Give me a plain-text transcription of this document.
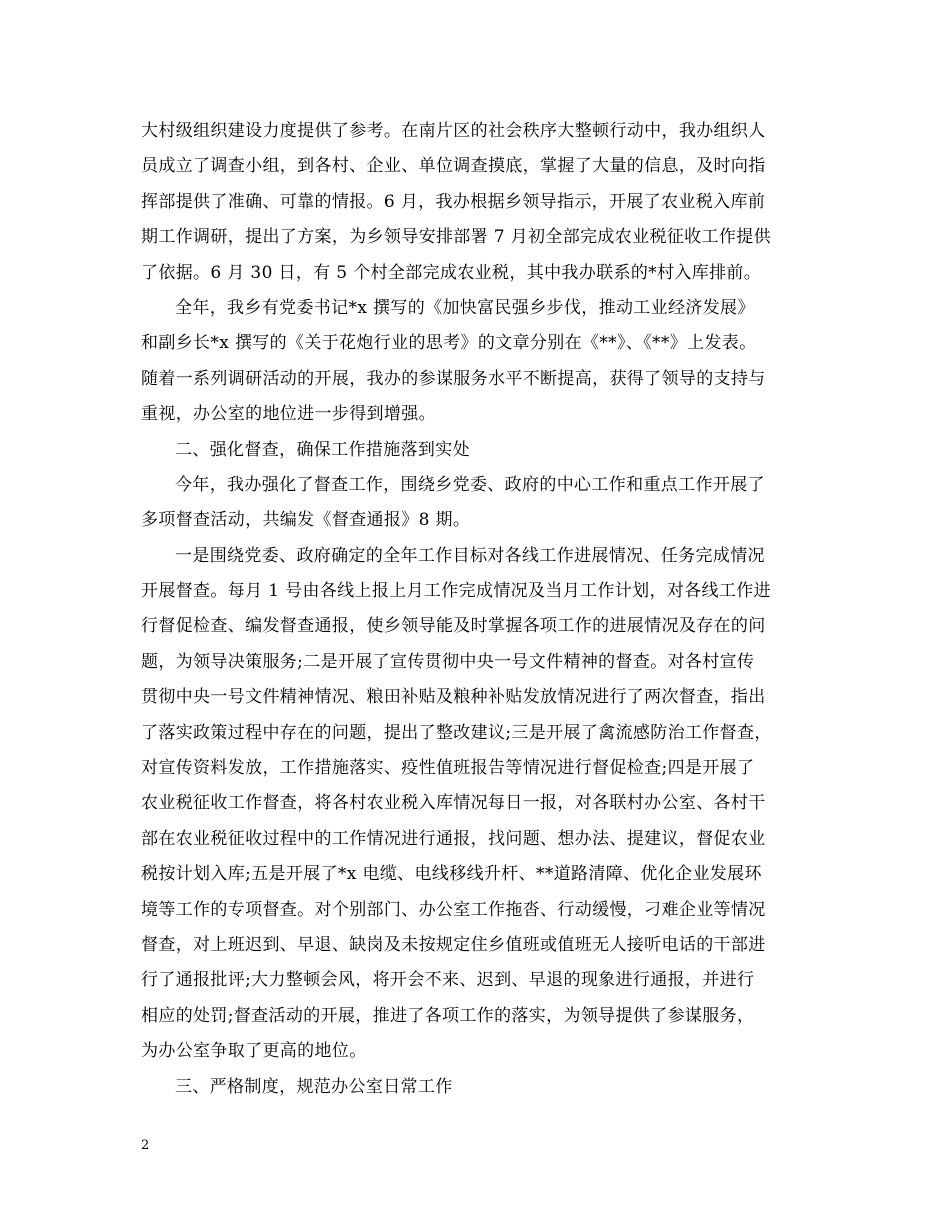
大村级组织建设力度提供了参考。在南片区的社会秩序大整顿行动中，我办组织人
员成立了调查小组，到各村、企业、单位调查摸底，掌握了大量的信息，及时向指
挥部提供了准确、可靠的情报。6 月，我办根据乡领导指示，开展了农业税入库前
期工作调研，提出了方案，为乡领导安排部署 7 月初全部完成农业税征收工作提供
了依据。6 月 30 日，有 5 个村全部完成农业税，其中我办联系的*村入库排前。
全年，我乡有党委书记*x 撰写的《加快富民强乡步伐，推动工业经济发展》
和副乡长*x 撰写的《关于花炮行业的思考》的文章分别在《**》、《**》上发表。
随着一系列调研活动的开展，我办的参谋服务水平不断提高，获得了领导的支持与
重视，办公室的地位进一步得到增强。
二、强化督查，确保工作措施落到实处
今年，我办强化了督查工作，围绕乡党委、政府的中心工作和重点工作开展了
多项督查活动，共编发《督查通报》8 期。
一是围绕党委、政府确定的全年工作目标对各线工作进展情况、任务完成情况
开展督查。每月 1 号由各线上报上月工作完成情况及当月工作计划，对各线工作进
行督促检查、编发督查通报，使乡领导能及时掌握各项工作的进展情况及存在的问
题，为领导决策服务;二是开展了宣传贯彻中央一号文件精神的督查。对各村宣传
贯彻中央一号文件精神情况、粮田补贴及粮种补贴发放情况进行了两次督查，指出
了落实政策过程中存在的问题，提出了整改建议;三是开展了禽流感防治工作督查，
对宣传资料发放，工作措施落实、疫性值班报告等情况进行督促检查;四是开展了
农业税征收工作督查，将各村农业税入库情况每日一报，对各联村办公室、各村干
部在农业税征收过程中的工作情况进行通报，找问题、想办法、提建议，督促农业
税按计划入库;五是开展了*x 电缆、电线移线升杆、**道路清障、优化企业发展环
境等工作的专项督查。对个别部门、办公室工作拖沓、行动缓慢，刁难企业等情况
督查，对上班迟到、早退、缺岗及未按规定住乡值班或值班无人接听电话的干部进
行了通报批评;大力整顿会风，将开会不来、迟到、早退的现象进行通报，并进行
相应的处罚;督查活动的开展，推进了各项工作的落实，为领导提供了参谋服务，
为办公室争取了更高的地位。
三、严格制度，规范办公室日常工作
2
